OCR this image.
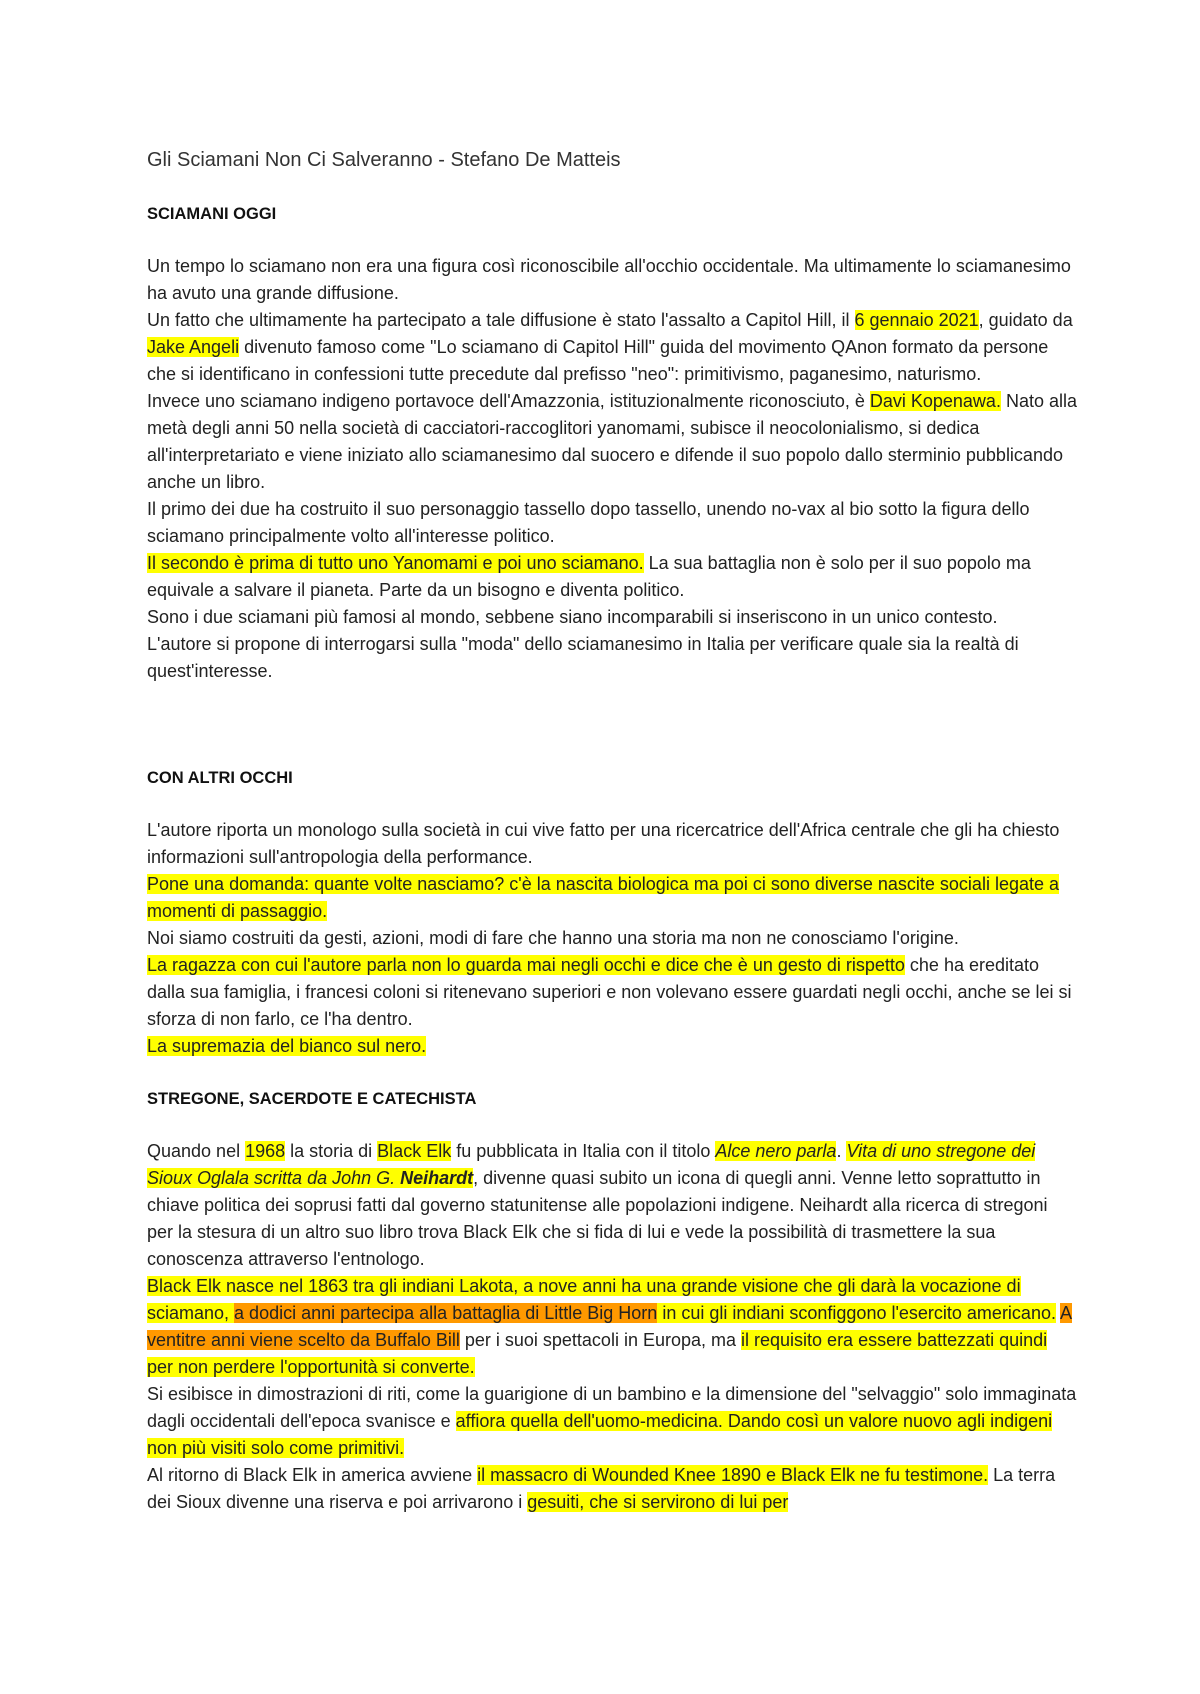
Gli Sciamani Non Ci Salveranno - Stefano De Matteis
SCIAMANI OGGI

Un tempo lo sciamano non era una figura così riconoscibile all'occhio occidentale. Ma ultimamente lo sciamanesimo ha avuto una grande diffusione.

Un fatto che ultimamente ha partecipato a tale diffusione è stato l'assalto a Capitol Hill, il 6 gennaio 2021, guidato da Jake Angeli divenuto famoso come "Lo sciamano di Capitol Hill" guida del movimento QAnon formato da persone che si identificano in confessioni tutte precedute dal prefisso "neo": primitivismo, paganesimo, naturismo.

Invece uno sciamano indigeno portavoce dell'Amazzonia, istituzionalmente riconosciuto, è Davi Kopenawa. Nato alla metà degli anni 50 nella società di cacciatori-raccoglitori yanomami, subisce il neocolonialismo, si dedica all'interpretariato e viene iniziato allo sciamanesimo dal suocero e difende il suo popolo dallo sterminio pubblicando anche un libro.

Il primo dei due ha costruito il suo personaggio tassello dopo tassello, unendo no-vax al bio sotto la figura dello sciamano principalmente volto all'interesse politico.

Il secondo è prima di tutto uno Yanomami e poi uno sciamano. La sua battaglia non è solo per il suo popolo ma equivale a salvare il pianeta. Parte da un bisogno e diventa politico.

Sono i due sciamani più famosi al mondo, sebbene siano incomparabili si inseriscono in un unico contesto.

L'autore si propone di interrogarsi sulla "moda" dello sciamanesimo in Italia per verificare quale sia la realtà di quest'interesse.

CON ALTRI OCCHI

L'autore riporta un monologo sulla società in cui vive fatto per una ricercatrice dell'Africa centrale che gli ha chiesto informazioni sull'antropologia della performance.

Pone una domanda: quante volte nasciamo? c'è la nascita biologica ma poi ci sono diverse nascite sociali legate a momenti di passaggio.

Noi siamo costruiti da gesti, azioni, modi di fare che hanno una storia ma non ne conosciamo l'origine.

La ragazza con cui l'autore parla non lo guarda mai negli occhi e dice che è un gesto di rispetto che ha ereditato dalla sua famiglia, i francesi coloni si ritenevano superiori e non volevano essere guardati negli occhi, anche se lei si sforza di non farlo, ce l'ha dentro.

La supremazia del bianco sul nero.

STREGONE, SACERDOTE E CATECHISTA

Quando nel 1968 la storia di Black Elk fu pubblicata in Italia con il titolo Alce nero parla. Vita di uno stregone dei Sioux Oglala scritta da John G. Neihardt, divenne quasi subito un icona di quegli anni. Venne letto soprattutto in chiave politica dei soprusi fatti dal governo statunitense alle popolazioni indigene. Neihardt alla ricerca di stregoni per la stesura di un altro suo libro trova Black Elk che si fida di lui e vede la possibilità di trasmettere la sua conoscenza attraverso l'entnologo.

Black Elk nasce nel 1863 tra gli indiani Lakota, a nove anni ha una grande visione che gli darà la vocazione di sciamano, a dodici anni partecipa alla battaglia di Little Big Horn in cui gli indiani sconfiggono l'esercito americano. A ventitre anni viene scelto da Buffalo Bill per i suoi spettacoli in Europa, ma il requisito era essere battezzati quindi per non perdere l'opportunità si converte.

Si esibisce in dimostrazioni di riti, come la guarigione di un bambino e la dimensione del "selvaggio" solo immaginata dagli occidentali dell'epoca svanisce e affiora quella dell'uomo-medicina. Dando così un valore nuovo agli indigeni non più visiti solo come primitivi.

Al ritorno di Black Elk in america avviene il massacro di Wounded Knee 1890 e Black Elk ne fu testimone. La terra dei Sioux divenne una riserva e poi arrivarono i gesuiti, che si servirono di lui per
